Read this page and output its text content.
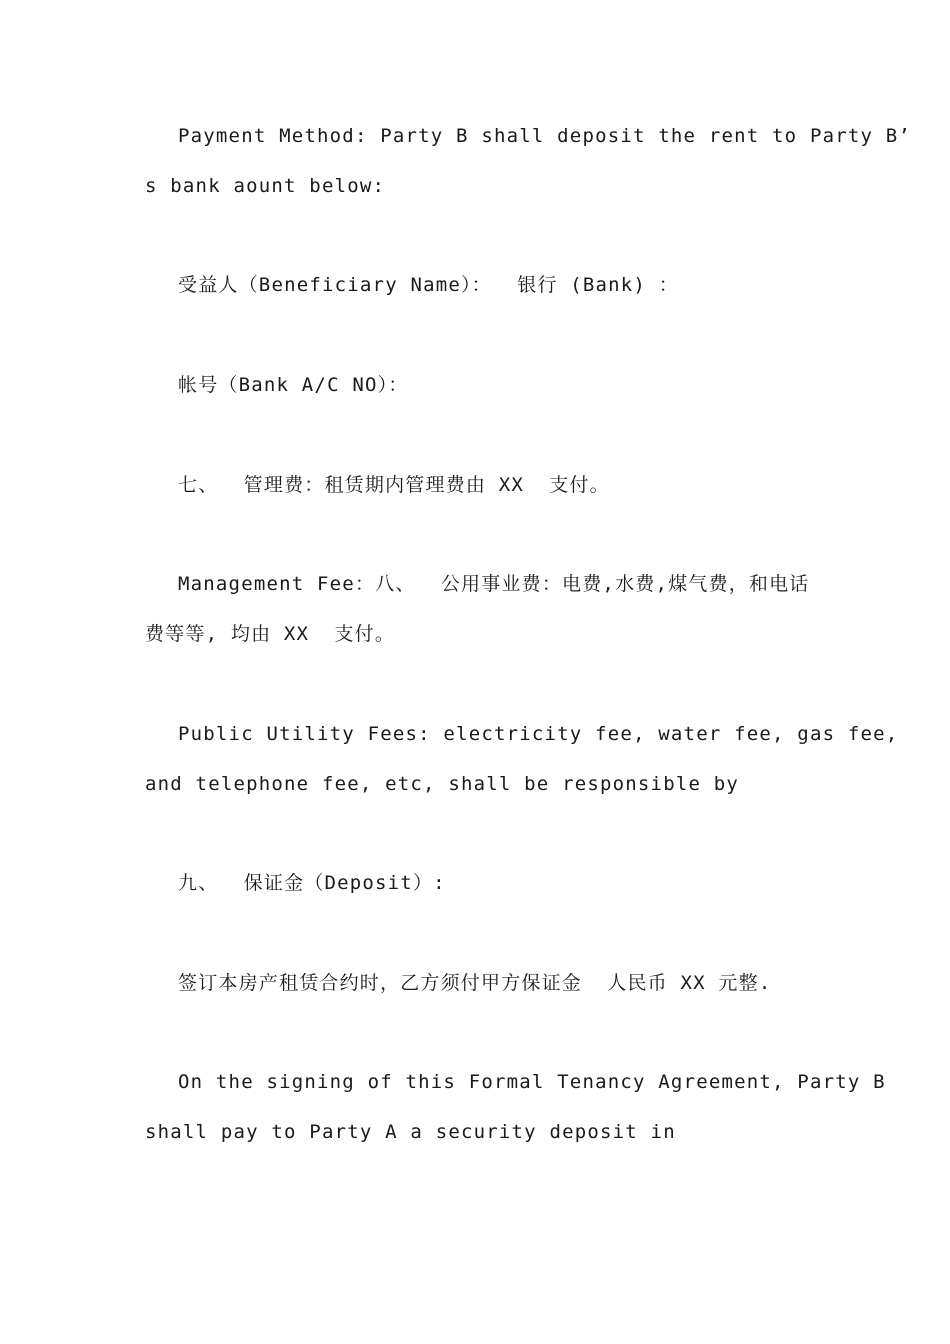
Payment Method: Party B shall deposit the rent to Party B’
s bank aount below:
受益人（Beneficiary Name）：  银行 (Bank) ：
帐号（Bank A/C NO）：
七、  管理费：租赁期内管理费由 XX  支付。
Management Fee：八、  公用事业费：电费,水费,煤气费，和电话
费等等, 均由 XX  支付。
Public Utility Fees: electricity fee, water fee, gas fee,
and telephone fee, etc, shall be responsible by
九、  保证金（Deposit）:
签订本房产租赁合约时，乙方须付甲方保证金  人民币 XX 元整.
On the signing of this Formal Tenancy Agreement, Party B
shall pay to Party A a security deposit in
